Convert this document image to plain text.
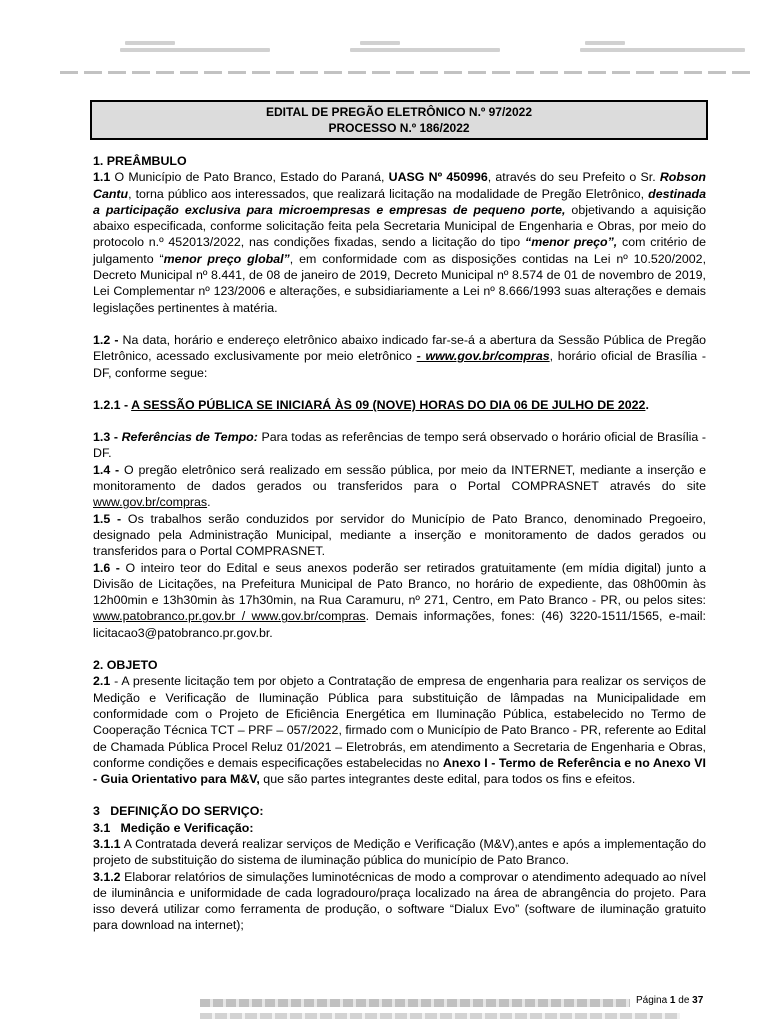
EDITAL DE PREGÃO ELETRÔNICO N.º 97/2022
PROCESSO N.º 186/2022

1. PREÂMBULO

1.1 O Município de Pato Branco, Estado do Paraná, UASG Nº 450996, através do seu Prefeito o Sr. Robson Cantu, torna público aos interessados, que realizará licitação na modalidade de Pregão Eletrônico, destinada a participação exclusiva para microempresas e empresas de pequeno porte, objetivando a aquisição abaixo especificada, conforme solicitação feita pela Secretaria Municipal de Engenharia e Obras, por meio do protocolo n.º 452013/2022, nas condições fixadas, sendo a licitação do tipo “menor preço”, com critério de julgamento “menor preço global”, em conformidade com as disposições contidas na Lei nº 10.520/2002, Decreto Municipal nº 8.441, de 08 de janeiro de 2019, Decreto Municipal nº 8.574 de 01 de novembro de 2019, Lei Complementar nº 123/2006 e alterações, e subsidiariamente a Lei nº 8.666/1993 suas alterações e demais legislações pertinentes à matéria.

1.2 - Na data, horário e endereço eletrônico abaixo indicado far-se-á a abertura da Sessão Pública de Pregão Eletrônico, acessado exclusivamente por meio eletrônico - www.gov.br/compras, horário oficial de Brasília - DF, conforme segue:

1.2.1 - A SESSÃO PÚBLICA SE INICIARÁ ÀS 09 (NOVE) HORAS DO DIA 06 DE JULHO DE 2022.

1.3 - Referências de Tempo: Para todas as referências de tempo será observado o horário oficial de Brasília - DF.

1.4 - O pregão eletrônico será realizado em sessão pública, por meio da INTERNET, mediante a inserção e monitoramento de dados gerados ou transferidos para o Portal COMPRASNET através do site www.gov.br/compras.

1.5 - Os trabalhos serão conduzidos por servidor do Município de Pato Branco, denominado Pregoeiro, designado pela Administração Municipal, mediante a inserção e monitoramento de dados gerados ou transferidos para o Portal COMPRASNET.

1.6 - O inteiro teor do Edital e seus anexos poderão ser retirados gratuitamente (em mídia digital) junto a Divisão de Licitações, na Prefeitura Municipal de Pato Branco, no horário de expediente, das 08h00min às 12h00min e 13h30min às 17h30min, na Rua Caramuru, nº 271, Centro, em Pato Branco - PR, ou pelos sites: www.patobranco.pr.gov.br / www.gov.br/compras. Demais informações, fones: (46) 3220-1511/1565, e-mail: licitacao3@patobranco.pr.gov.br.

2. OBJETO

2.1 - A presente licitação tem por objeto a Contratação de empresa de engenharia para realizar os serviços de Medição e Verificação de Iluminação Pública para substituição de lâmpadas na Municipalidade em conformidade com o Projeto de Eficiência Energética em Iluminação Pública, estabelecido no Termo de Cooperação Técnica TCT – PRF – 057/2022, firmado com o Município de Pato Branco - PR, referente ao Edital de Chamada Pública Procel Reluz 01/2021 – Eletrobrás, em atendimento a Secretaria de Engenharia e Obras, conforme condições e demais especificações estabelecidas no Anexo I - Termo de Referência e no Anexo VI - Guia Orientativo para M&V, que são partes integrantes deste edital, para todos os fins e efeitos.

3   DEFINIÇÃO DO SERVIÇO:

3.1   Medição e Verificação:

3.1.1 A Contratada deverá realizar serviços de Medição e Verificação (M&V),antes e após a implementação do projeto de substituição do sistema de iluminação pública do município de Pato Branco.

3.1.2 Elaborar relatórios de simulações luminotécnicas de modo a comprovar o atendimento adequado ao nível de iluminância e uniformidade de cada logradouro/praça localizado na área de abrangência do projeto. Para isso deverá utilizar como ferramenta de produção, o software “Dialux Evo” (software de iluminação gratuito para download na internet);

Página 1 de 37
